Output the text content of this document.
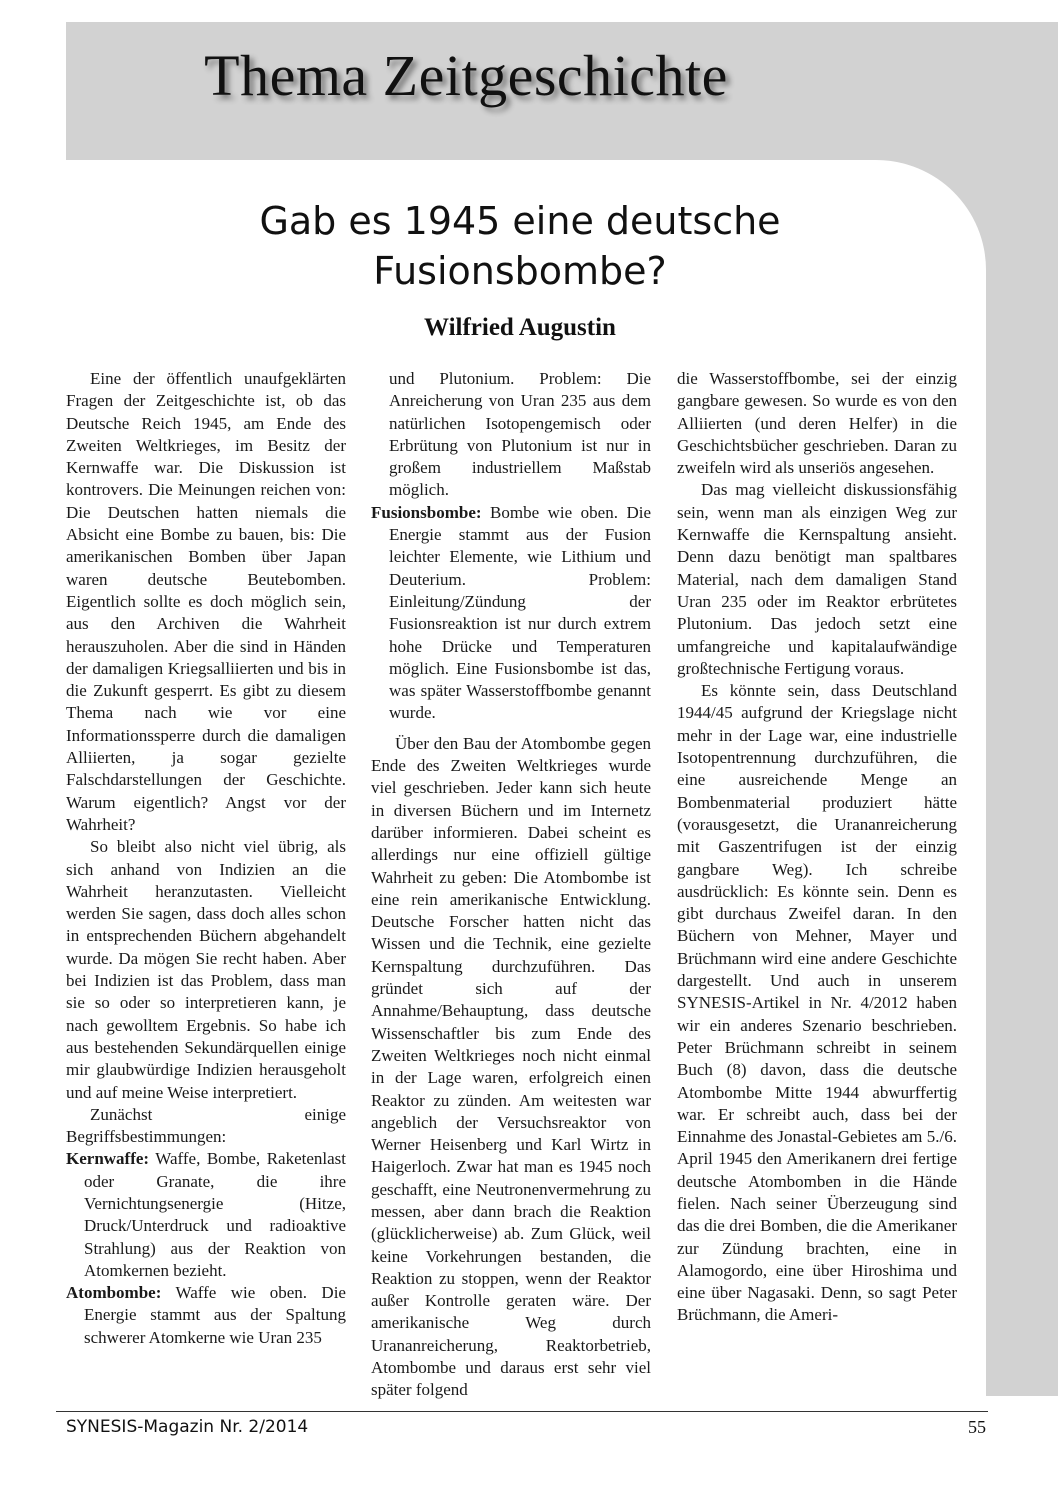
Thema Zeitgeschichte
Gab es 1945 eine deutsche Fusionsbombe?
Wilfried Augustin

Eine der öffentlich unaufgeklärten Fragen der Zeitgeschichte ist, ob das Deutsche Reich 1945, am Ende des Zweiten Weltkrieges, im Besitz der Kernwaffe war. Die Diskussion ist kontrovers. Die Meinungen reichen von: Die Deutschen hatten niemals die Absicht eine Bombe zu bauen, bis: Die amerikanischen Bomben über Japan waren deutsche Beutebomben. Eigentlich sollte es doch möglich sein, aus den Archiven die Wahrheit herauszuholen. Aber die sind in Händen der damaligen Kriegsalliierten und bis in die Zukunft gesperrt. Es gibt zu diesem Thema nach wie vor eine Informationssperre durch die damaligen Alliierten, ja sogar gezielte Falschdarstellungen der Geschichte. Warum eigentlich? Angst vor der Wahrheit?

So bleibt also nicht viel übrig, als sich anhand von Indizien an die Wahrheit heranzutasten. Vielleicht werden Sie sagen, dass doch alles schon in entsprechenden Büchern abgehandelt wurde. Da mögen Sie recht haben. Aber bei Indizien ist das Problem, dass man sie so oder so interpretieren kann, je nach gewolltem Ergebnis. So habe ich aus bestehenden Sekundärquellen einige mir glaubwürdige Indizien herausgeholt und auf meine Weise interpretiert.

Zunächst einige Begriffsbestimmungen:

Kernwaffe: Waffe, Bombe, Raketenlast oder Granate, die ihre Vernichtungsenergie (Hitze, Druck/Unterdruck und radioaktive Strahlung) aus der Reaktion von Atomkernen bezieht.

Atombombe: Waffe wie oben. Die Energie stammt aus der Spaltung schwerer Atomkerne wie Uran 235

und Plutonium. Problem: Die Anreicherung von Uran 235 aus dem natürlichen Isotopengemisch oder Erbrütung von Plutonium ist nur in großem industriellem Maßstab möglich.

Fusionsbombe: Bombe wie oben. Die Energie stammt aus der Fusion leichter Elemente, wie Lithium und Deuterium. Problem: Einleitung/Zündung der Fusionsreaktion ist nur durch extrem hohe Drücke und Temperaturen möglich. Eine Fusionsbombe ist das, was später Wasserstoffbombe genannt wurde.

Über den Bau der Atombombe gegen Ende des Zweiten Weltkrieges wurde viel geschrieben. Jeder kann sich heute in diversen Büchern und im Internetz darüber informieren. Dabei scheint es allerdings nur eine offiziell gültige Wahrheit zu geben: Die Atombombe ist eine rein amerikanische Entwicklung. Deutsche Forscher hatten nicht das Wissen und die Technik, eine gezielte Kernspaltung durchzuführen. Das gründet sich auf der Annahme/Behauptung, dass deutsche Wissenschaftler bis zum Ende des Zweiten Weltkrieges noch nicht einmal in der Lage waren, erfolgreich einen Reaktor zu zünden. Am weitesten war angeblich der Versuchsreaktor von Werner Heisenberg und Karl Wirtz in Haigerloch. Zwar hat man es 1945 noch geschafft, eine Neutronenvermehrung zu messen, aber dann brach die Reaktion (glücklicherweise) ab. Zum Glück, weil keine Vorkehrungen bestanden, die Reaktion zu stoppen, wenn der Reaktor außer Kontrolle geraten wäre. Der amerikanische Weg durch Urananreicherung, Reaktorbetrieb, Atombombe und daraus erst sehr viel später folgend

die Wasserstoffbombe, sei der einzig gangbare gewesen. So wurde es von den Alliierten (und deren Helfer) in die Geschichtsbücher geschrieben. Daran zu zweifeln wird als unseriös angesehen.

Das mag vielleicht diskussionsfähig sein, wenn man als einzigen Weg zur Kernwaffe die Kernspaltung ansieht. Denn dazu benötigt man spaltbares Material, nach dem damaligen Stand Uran 235 oder im Reaktor erbrütetes Plutonium. Das jedoch setzt eine umfangreiche und kapitalaufwändige großtechnische Fertigung voraus.

Es könnte sein, dass Deutschland 1944/45 aufgrund der Kriegslage nicht mehr in der Lage war, eine industrielle Isotopentrennung durchzuführen, die eine ausreichende Menge an Bombenmaterial produziert hätte (vorausgesetzt, die Urananreicherung mit Gaszentrifugen ist der einzig gangbare Weg). Ich schreibe ausdrücklich: Es könnte sein. Denn es gibt durchaus Zweifel daran. In den Büchern von Mehner, Mayer und Brüchmann wird eine andere Geschichte dargestellt. Und auch in unserem SYNESIS-Artikel in Nr. 4/2012 haben wir ein anderes Szenario beschrieben. Peter Brüchmann schreibt in seinem Buch (8) davon, dass die deutsche Atombombe Mitte 1944 abwurffertig war. Er schreibt auch, dass bei der Einnahme des Jonastal-Gebietes am 5./6. April 1945 den Amerikanern drei fertige deutsche Atombomben in die Hände fielen. Nach seiner Überzeugung sind das die drei Bomben, die die Amerikaner zur Zündung brachten, eine in Alamogordo, eine über Hiroshima und eine über Nagasaki. Denn, so sagt Peter Brüchmann, die Ameri-

SYNESIS-Magazin Nr. 2/2014	55
